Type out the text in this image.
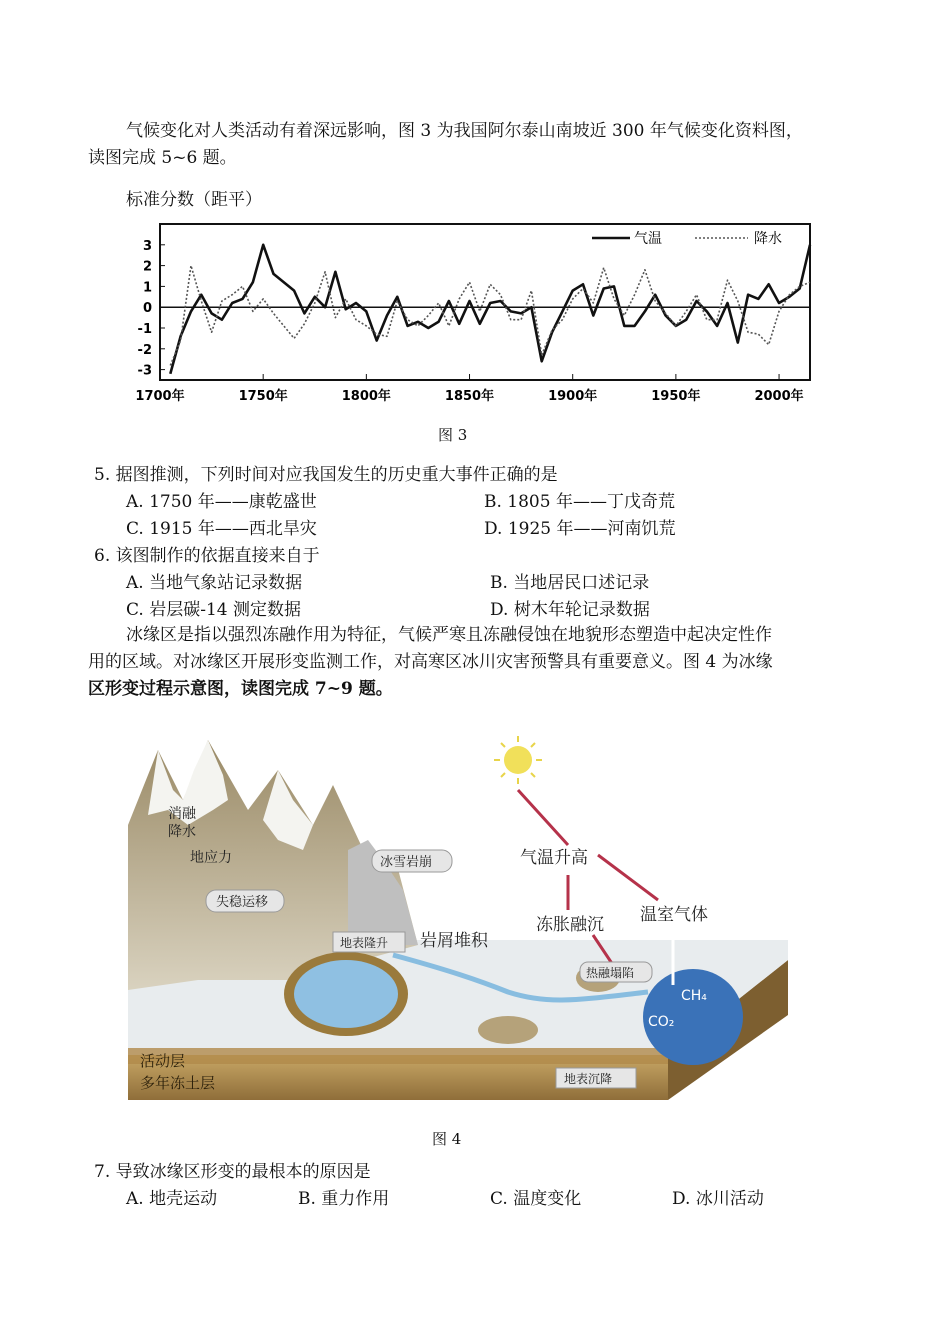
气候变化对人类活动有着深远影响，图 3 为我国阿尔泰山南坡近 300 年气候变化资料图，

读图完成 5~6 题。

标准分数（距平）
3
2
1
0
-1
-2
-3
1700年	1750年	1800年	1850年	1900年	1950年	2000年
气温	降水
图 3
5. 据图推测，下列时间对应我国发生的历史重大事件正确的是
A. 1750 年——康乾盛世	B. 1805 年——丁戊奇荒
C. 1915 年——西北旱灾	D. 1925 年——河南饥荒
6. 该图制作的依据直接来自于
A. 当地气象站记录数据	B. 当地居民口述记录
C. 岩层碳-14 测定数据	D. 树木年轮记录数据

冰缘区是指以强烈冻融作用为特征，气候严寒且冻融侵蚀在地貌形态塑造中起决定性作

用的区域。对冰缘区开展形变监测工作，对高寒区冰川灾害预警具有重要意义。图 4 为冰缘

区形变过程示意图，读图完成 7~9 题。

消融
降水
地应力
失稳运移
冰雪岩崩
地表隆升 岩屑堆积
气温升高
冻胀融沉 温室气体
热融塌陷
CH₄
CO₂
活动层
多年冻土层	地表沉降
图 4
7. 导致冰缘区形变的最根本的原因是
A. 地壳运动	B. 重力作用	C. 温度变化	D. 冰川活动
